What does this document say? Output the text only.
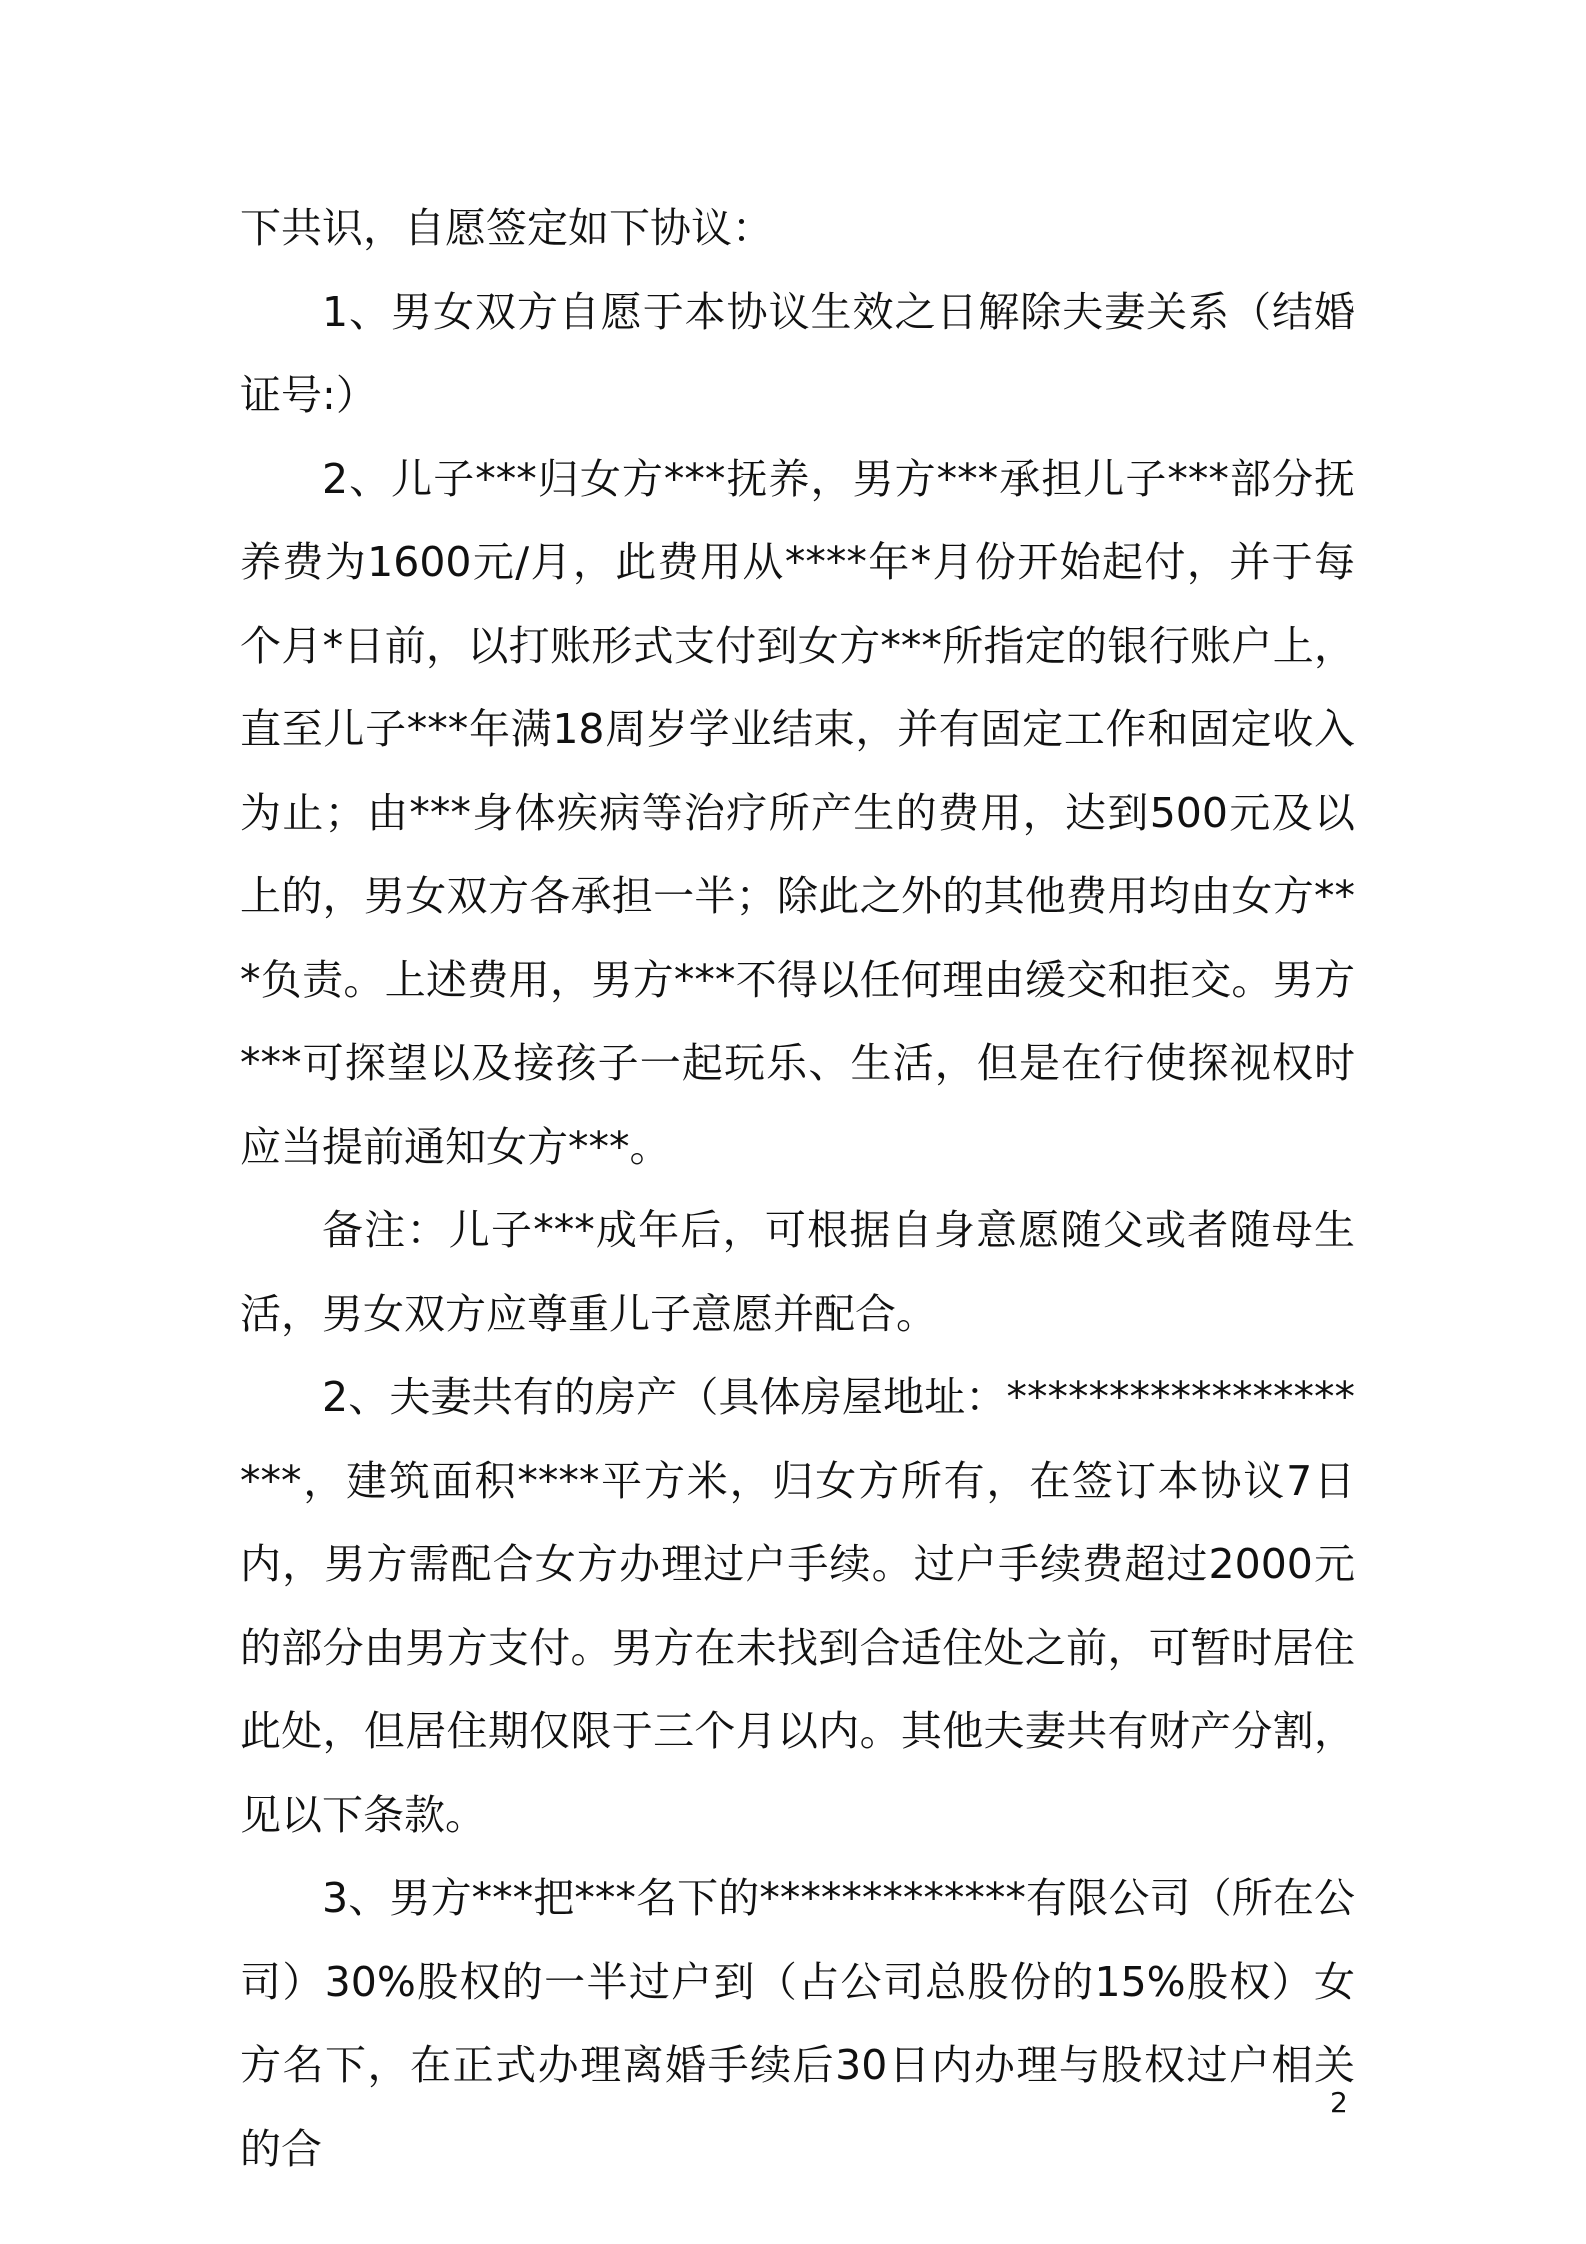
下共识，自愿签定如下协议：

1、男女双方自愿于本协议生效之日解除夫妻关系（结婚证号:）

2、儿子***归女方***抚养，男方***承担儿子***部分抚养费为1600元/月，此费用从****年*月份开始起付，并于每个月*日前，以打账形式支付到女方***所指定的银行账户上，直至儿子***年满18周岁学业结束，并有固定工作和固定收入为止；由***身体疾病等治疗所产生的费用，达到500元及以上的，男女双方各承担一半；除此之外的其他费用均由女方***负责。上述费用，男方***不得以任何理由缓交和拒交。男方***可探望以及接孩子一起玩乐、生活，但是在行使探视权时应当提前通知女方***。

备注：儿子***成年后，可根据自身意愿随父或者随母生活，男女双方应尊重儿子意愿并配合。

2、夫妻共有的房产（具体房屋地址：********************，建筑面积****平方米，归女方所有，在签订本协议7日内，男方需配合女方办理过户手续。过户手续费超过2000元的部分由男方支付。男方在未找到合适住处之前，可暂时居住此处，但居住期仅限于三个月以内。其他夫妻共有财产分割，见以下条款。

3、男方***把***名下的*************有限公司（所在公司）30%股权的一半过户到（占公司总股份的15%股权）女方名下，在正式办理离婚手续后30日内办理与股权过户相关的合

2
